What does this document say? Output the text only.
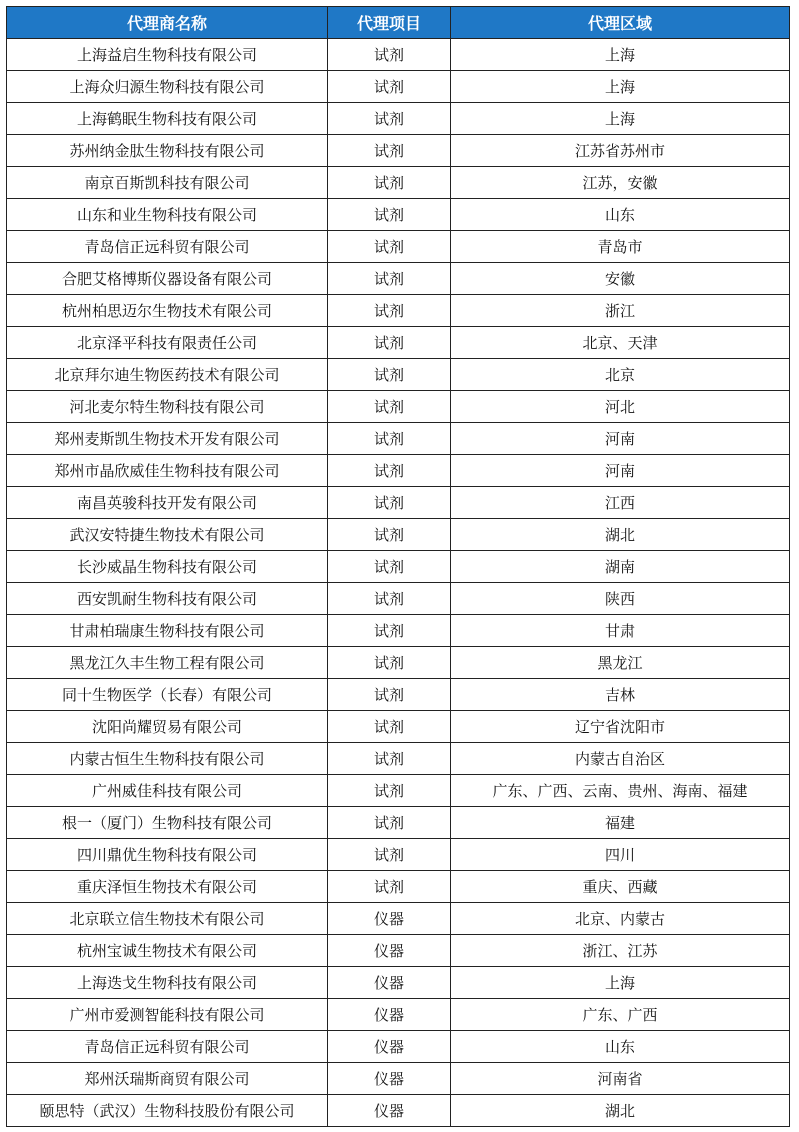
代理商名称	代理项目	代理区域
上海益启生物科技有限公司	试剂	上海
上海众归源生物科技有限公司	试剂	上海
上海鹤眠生物科技有限公司	试剂	上海
苏州纳金肽生物科技有限公司	试剂	江苏省苏州市
南京百斯凯科技有限公司	试剂	江苏，安徽
山东和业生物科技有限公司	试剂	山东
青岛信正远科贸有限公司	试剂	青岛市
合肥艾格博斯仪器设备有限公司	试剂	安徽
杭州柏思迈尔生物技术有限公司	试剂	浙江
北京泽平科技有限责任公司	试剂	北京、天津
北京拜尔迪生物医药技术有限公司	试剂	北京
河北麦尔特生物科技有限公司	试剂	河北
郑州麦斯凯生物技术开发有限公司	试剂	河南
郑州市晶欣威佳生物科技有限公司	试剂	河南
南昌英骏科技开发有限公司	试剂	江西
武汉安特捷生物技术有限公司	试剂	湖北
长沙威晶生物科技有限公司	试剂	湖南
西安凯耐生物科技有限公司	试剂	陕西
甘肃柏瑞康生物科技有限公司	试剂	甘肃
黑龙江久丰生物工程有限公司	试剂	黑龙江
同十生物医学（长春）有限公司	试剂	吉林
沈阳尚耀贸易有限公司	试剂	辽宁省沈阳市
内蒙古恒生生物科技有限公司	试剂	内蒙古自治区
广州威佳科技有限公司	试剂	广东、广西、云南、贵州、海南、福建
根一（厦门）生物科技有限公司	试剂	福建
四川鼎优生物科技有限公司	试剂	四川
重庆泽恒生物技术有限公司	试剂	重庆、西藏
北京联立信生物技术有限公司	仪器	北京、内蒙古
杭州宝诚生物技术有限公司	仪器	浙江、江苏
上海迭戈生物科技有限公司	仪器	上海
广州市爱测智能科技有限公司	仪器	广东、广西
青岛信正远科贸有限公司	仪器	山东
郑州沃瑞斯商贸有限公司	仪器	河南省
颐思特（武汉）生物科技股份有限公司	仪器	湖北
